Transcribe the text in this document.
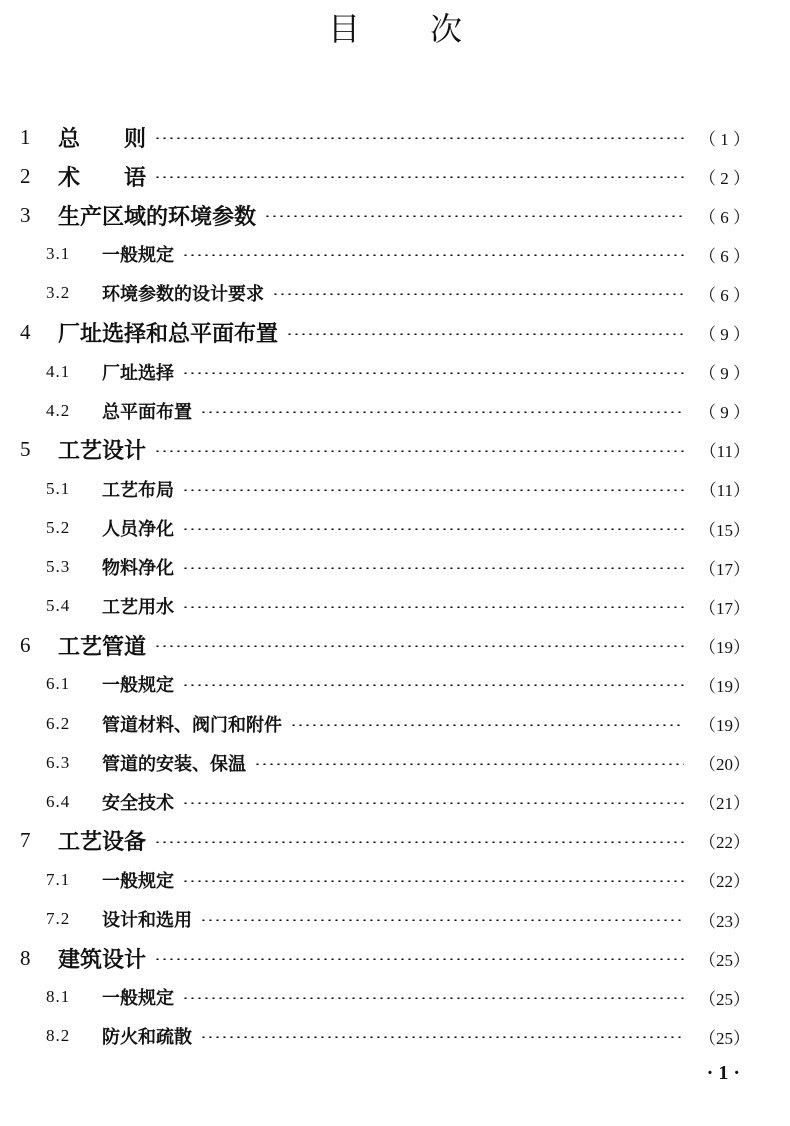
目 次
1	总　　则	（ 1 ）
2	术　　语	（ 2 ）
3	生产区域的环境参数	（ 6 ）
3.1	一般规定	（ 6 ）
3.2	环境参数的设计要求	（ 6 ）
4	厂址选择和总平面布置	（ 9 ）
4.1	厂址选择	（ 9 ）
4.2	总平面布置	（ 9 ）
5	工艺设计	（11）
5.1	工艺布局	（11）
5.2	人员净化	（15）
5.3	物料净化	（17）
5.4	工艺用水	（17）
6	工艺管道	（19）
6.1	一般规定	（19）
6.2	管道材料、阀门和附件	（19）
6.3	管道的安装、保温	（20）
6.4	安全技术	（21）
7	工艺设备	（22）
7.1	一般规定	（22）
7.2	设计和选用	（23）
8	建筑设计	（25）
8.1	一般规定	（25）
8.2	防火和疏散	（25）
· 1 ·
